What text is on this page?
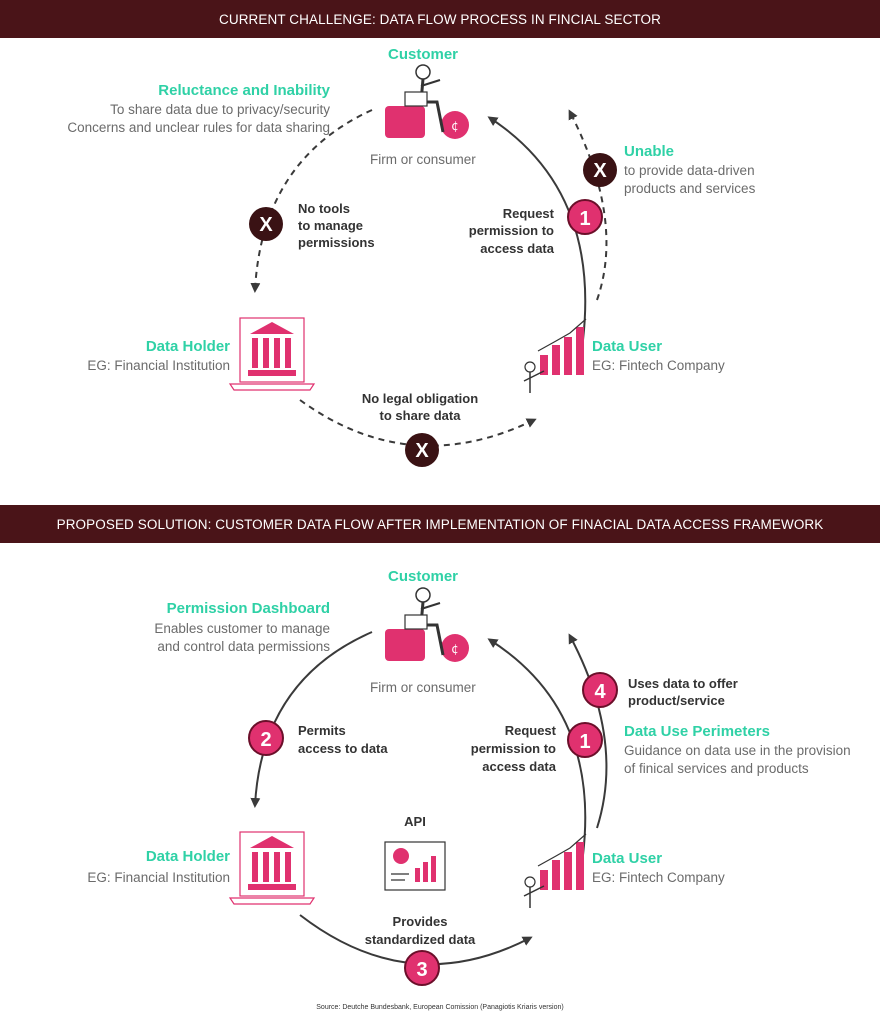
CURRENT CHALLENGE: DATA FLOW PROCESS IN FINCIAL SECTOR
¢
¢
Customer
Firm or consumer
Reluctance and Inability
To share data due to privacy/security
Concerns and unclear rules for data sharing
Unable
to provide data-driven
products and services
No tools
to manage
permissions
Request
permission to
access data
Data Holder
EG: Financial Institution
Data User
EG: Fintech Company
No legal obligation
to share data
X
X
X
1
PROPOSED SOLUTION: CUSTOMER DATA FLOW AFTER IMPLEMENTATION OF FINACIAL DATA ACCESS FRAMEWORK
Customer
Firm or consumer
Permission Dashboard
Enables customer to manage
and control data permissions
Permits
access to data
Request
permission to
access data
Uses data to offer
product/service
Data Use Perimeters
Guidance on data use in the provision
of finical services and products
API
Data Holder
EG: Financial Institution
Data User
EG: Fintech Company
Provides
standardized data
2	1
4
3
Source: Deutche Bundesbank, European Comission (Panagiotis Kriaris version)
